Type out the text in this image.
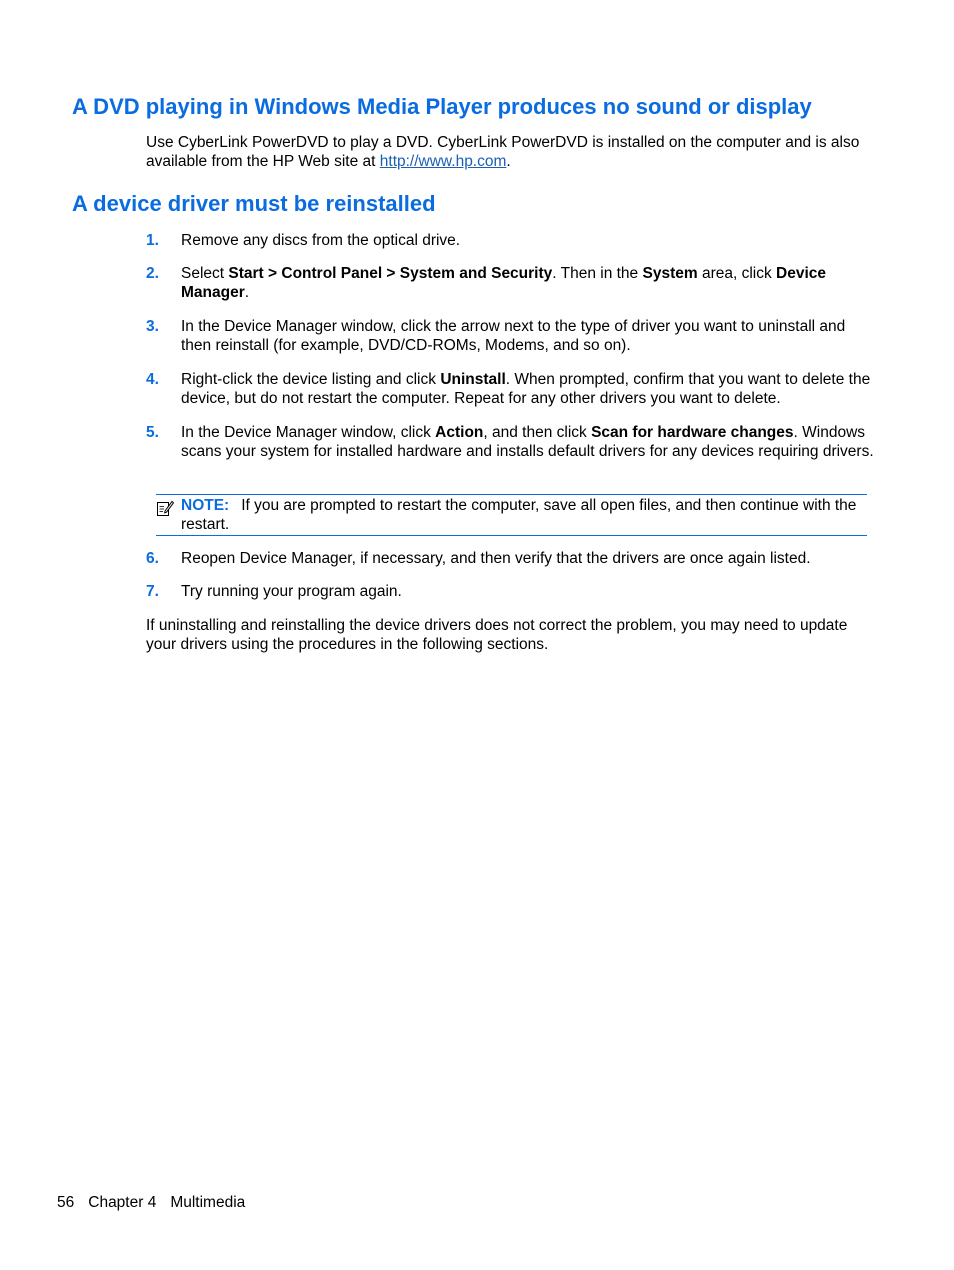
A DVD playing in Windows Media Player produces no sound or display

Use CyberLink PowerDVD to play a DVD. CyberLink PowerDVD is installed on the computer and is also available from the HP Web site at http://www.hp.com.

A device driver must be reinstalled
1. Remove any discs from the optical drive.
2. Select Start > Control Panel > System and Security. Then in the System area, click Device Manager.
3. In the Device Manager window, click the arrow next to the type of driver you want to uninstall and then reinstall (for example, DVD/CD-ROMs, Modems, and so on).
4. Right-click the device listing and click Uninstall. When prompted, confirm that you want to delete the device, but do not restart the computer. Repeat for any other drivers you want to delete.
5. In the Device Manager window, click Action, and then click Scan for hardware changes. Windows scans your system for installed hardware and installs default drivers for any devices requiring drivers.
NOTE: If you are prompted to restart the computer, save all open files, and then continue with the restart.
6. Reopen Device Manager, if necessary, and then verify that the drivers are once again listed.
7. Try running your program again.

If uninstalling and reinstalling the device drivers does not correct the problem, you may need to update your drivers using the procedures in the following sections.

56 Chapter 4 Multimedia
